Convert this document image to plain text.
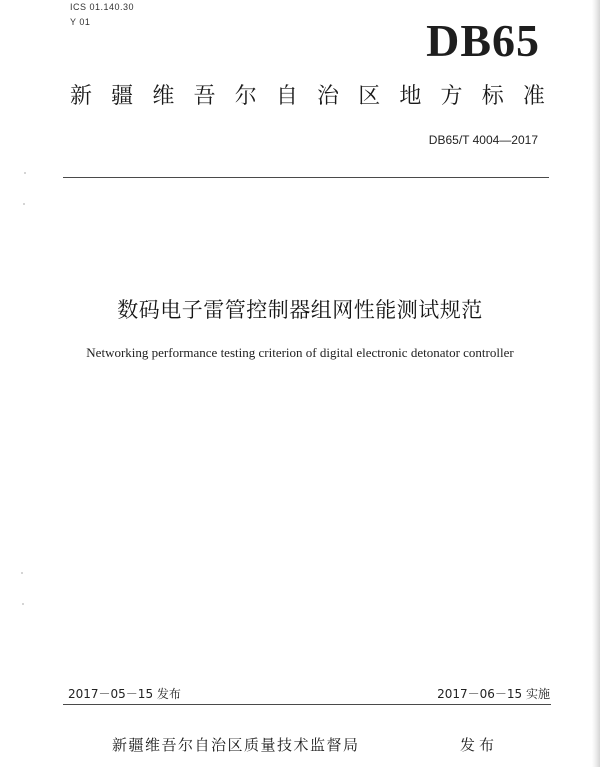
ICS 01.140.30
Y 01	DB65
新 疆 维 吾 尔 自 治 区 地 方 标 准
DB65/T 4004—2017
数码电子雷管控制器组网性能测试规范
Networking performance testing criterion of digital electronic detonator controller
2017－05－15 发布	2017－06－15 实施
新疆维吾尔自治区质量技术监督局	发布
